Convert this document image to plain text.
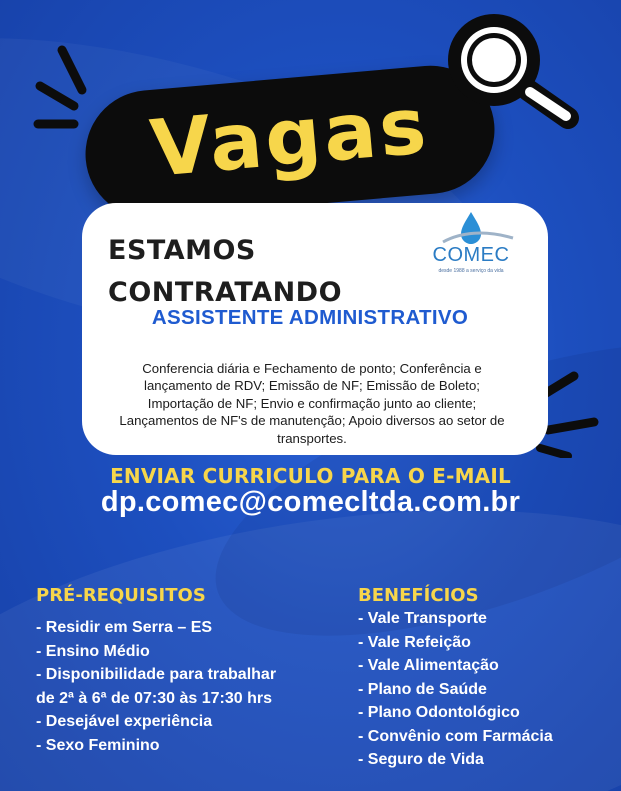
Vagas
ESTAMOS
CONTRATANDO
COMEC
desde 1988 a serviço da vida
ASSISTENTE ADMINISTRATIVO
Conferencia diária e Fechamento de ponto; Conferência e
lançamento de RDV; Emissão de NF; Emissão de Boleto;
Importação de NF; Envio e confirmação junto ao cliente;
Lançamentos de NF's de manutenção; Apoio diversos ao setor de
transportes.
ENVIAR CURRICULO PARA O E-MAIL
dp.comec@comecltda.com.br
PRÉ-REQUISITOS
- Residir em Serra – ES
- Ensino Médio
- Disponibilidade para trabalhar
de 2ª à 6ª de 07:30 às 17:30 hrs
- Desejável experiência
- Sexo Feminino
BENEFÍCIOS
- Vale Transporte
- Vale Refeição
- Vale Alimentação
- Plano de Saúde
- Plano Odontológico
- Convênio com Farmácia
- Seguro de Vida
